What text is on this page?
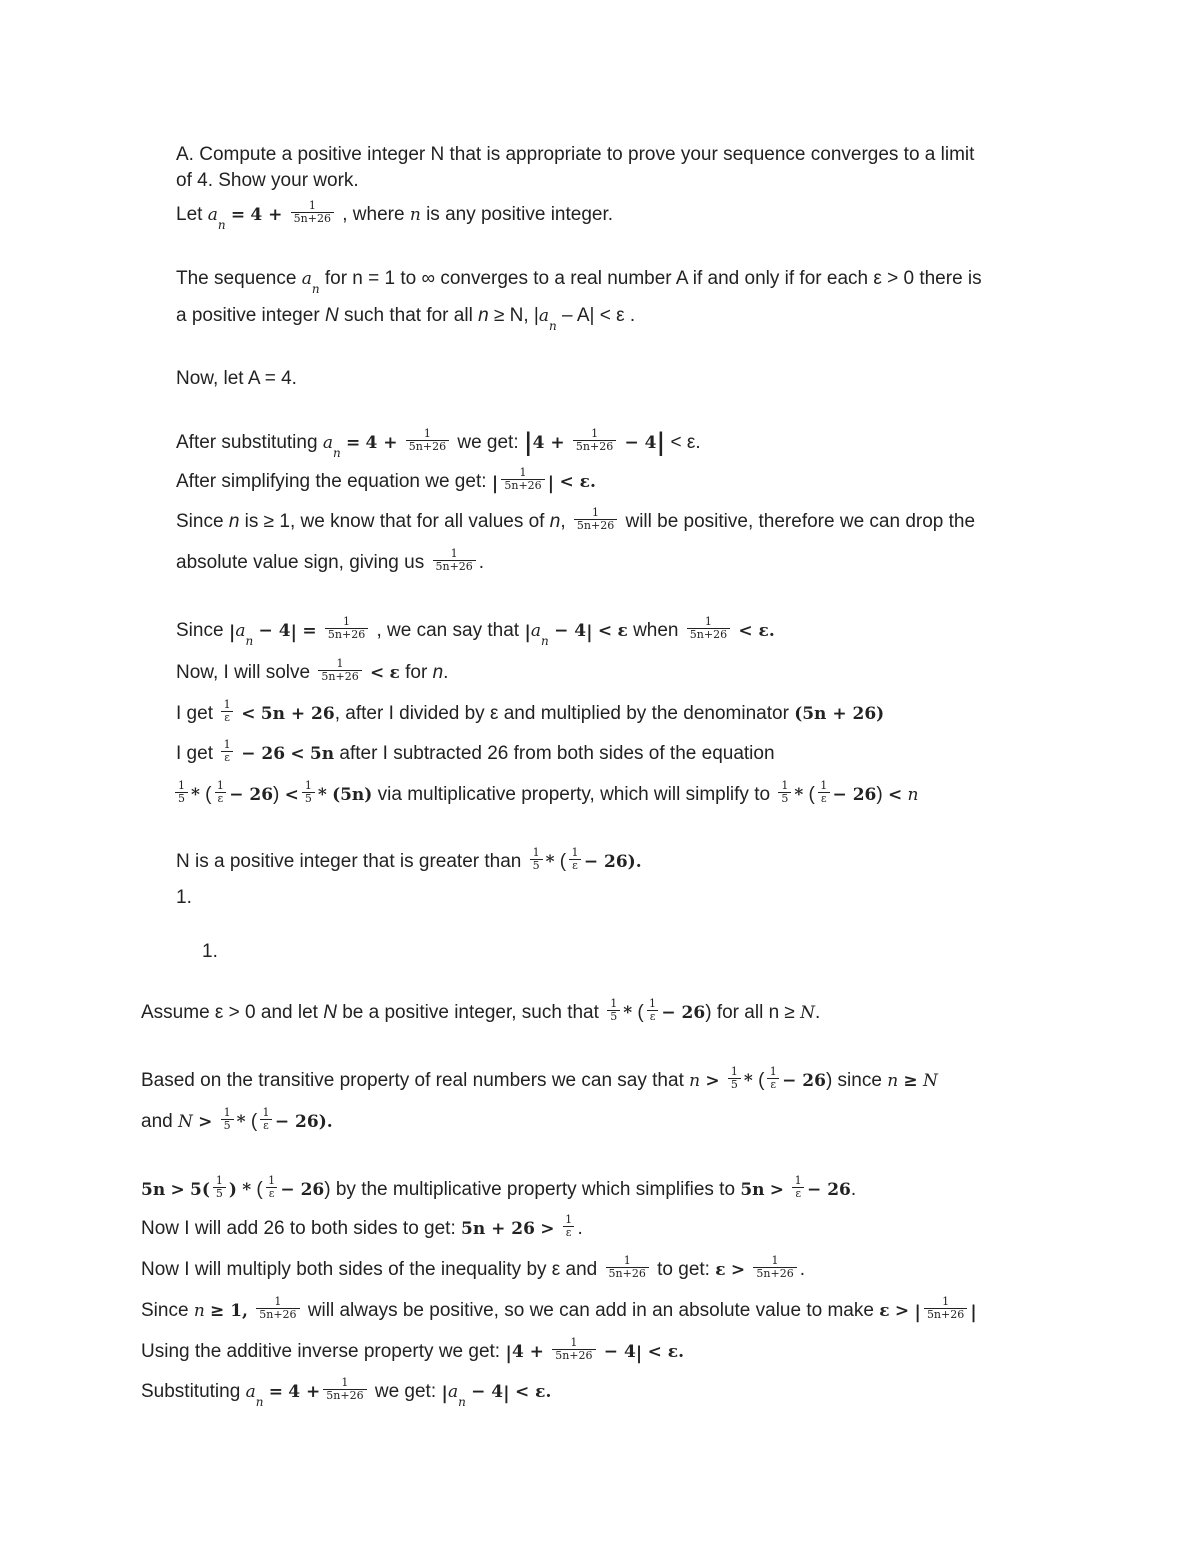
A. Compute a positive integer N that is appropriate to prove your sequence converges to a limit
of 4. Show your work.
Let $a_n = 4 + \frac{1}{5n+26}$ , where n is any positive integer.
The sequence $a_n$ for n = 1 to ∞ converges to a real number A if and only if for each ε > 0 there is
a positive integer N such that for all n ≥ N, $|a_n - A| < \varepsilon$ .
Now, let A = 4.
After substituting $a_n = 4 + \frac{1}{5n+26}$ we get: $|4 + \frac{1}{5n+26} - 4| < \varepsilon$.
After simplifying the equation we get: | $\frac{1}{5n+26}$ | < ε.
Since n is ≥ 1, we know that for all values of n, $\frac{1}{5n+26}$ will be positive, therefore we can drop the
absolute value sign, giving us $\frac{1}{5n+26}$ .
Since $|a_n - 4| = \frac{1}{5n+26}$ , we can say that $|a_n - 4| < \varepsilon$ when $\frac{1}{5n+26} < \varepsilon$.
Now, I will solve $\frac{1}{5n+26} < \varepsilon$ for n.
I get $\frac{1}{\varepsilon} < 5n + 26$, after I divided by ε and multiplied by the denominator (5n + 26)
I get $\frac{1}{\varepsilon} - 26 < 5n$ after I subtracted 26 from both sides of the equation
$\frac{1}{5}$ * ( $\frac{1}{\varepsilon} - 26) < \frac{1}{5} * (5n)$ via multiplicative property, which will simplify to $\frac{1}{5}$ * ( $\frac{1}{\varepsilon} - 26) < n$
N is a positive integer that is greater than $\frac{1}{5}$ * ( $\frac{1}{\varepsilon} - 26$).
1.
1.
Assume ε > 0 and let N be a positive integer, such that $\frac{1}{5}$ * ( $\frac{1}{\varepsilon} - 26$) for all n ≥ N.
Based on the transitive property of real numbers we can say that $n > \frac{1}{5}$ * ( $\frac{1}{\varepsilon} - 26$) since n ≥ N
and $N > \frac{1}{5}$ * ( $\frac{1}{\varepsilon} - 26$).
$5n > 5( \frac{1}{5}$ ) * ( $\frac{1}{\varepsilon} - 26$) by the multiplicative property which simplifies to $5n > \frac{1}{\varepsilon} - 26$.
Now I will add 26 to both sides to get: $5n + 26 > \frac{1}{\varepsilon}$ .
Now I will multiply both sides of the inequality by ε and $\frac{1}{5n+26}$ to get: $\varepsilon > \frac{1}{5n+26}$ .
Since n ≥ 1, $\frac{1}{5n+26}$ will always be positive, so we can add in an absolute value to make ε > | $\frac{1}{5n+26}$ |
Using the additive inverse property we get: $|4 + \frac{1}{5n+26} - 4| < \varepsilon$.
Substituting $a_n = 4 + \frac{1}{5n+26}$ we get: $|a_n - 4| < \varepsilon$.
